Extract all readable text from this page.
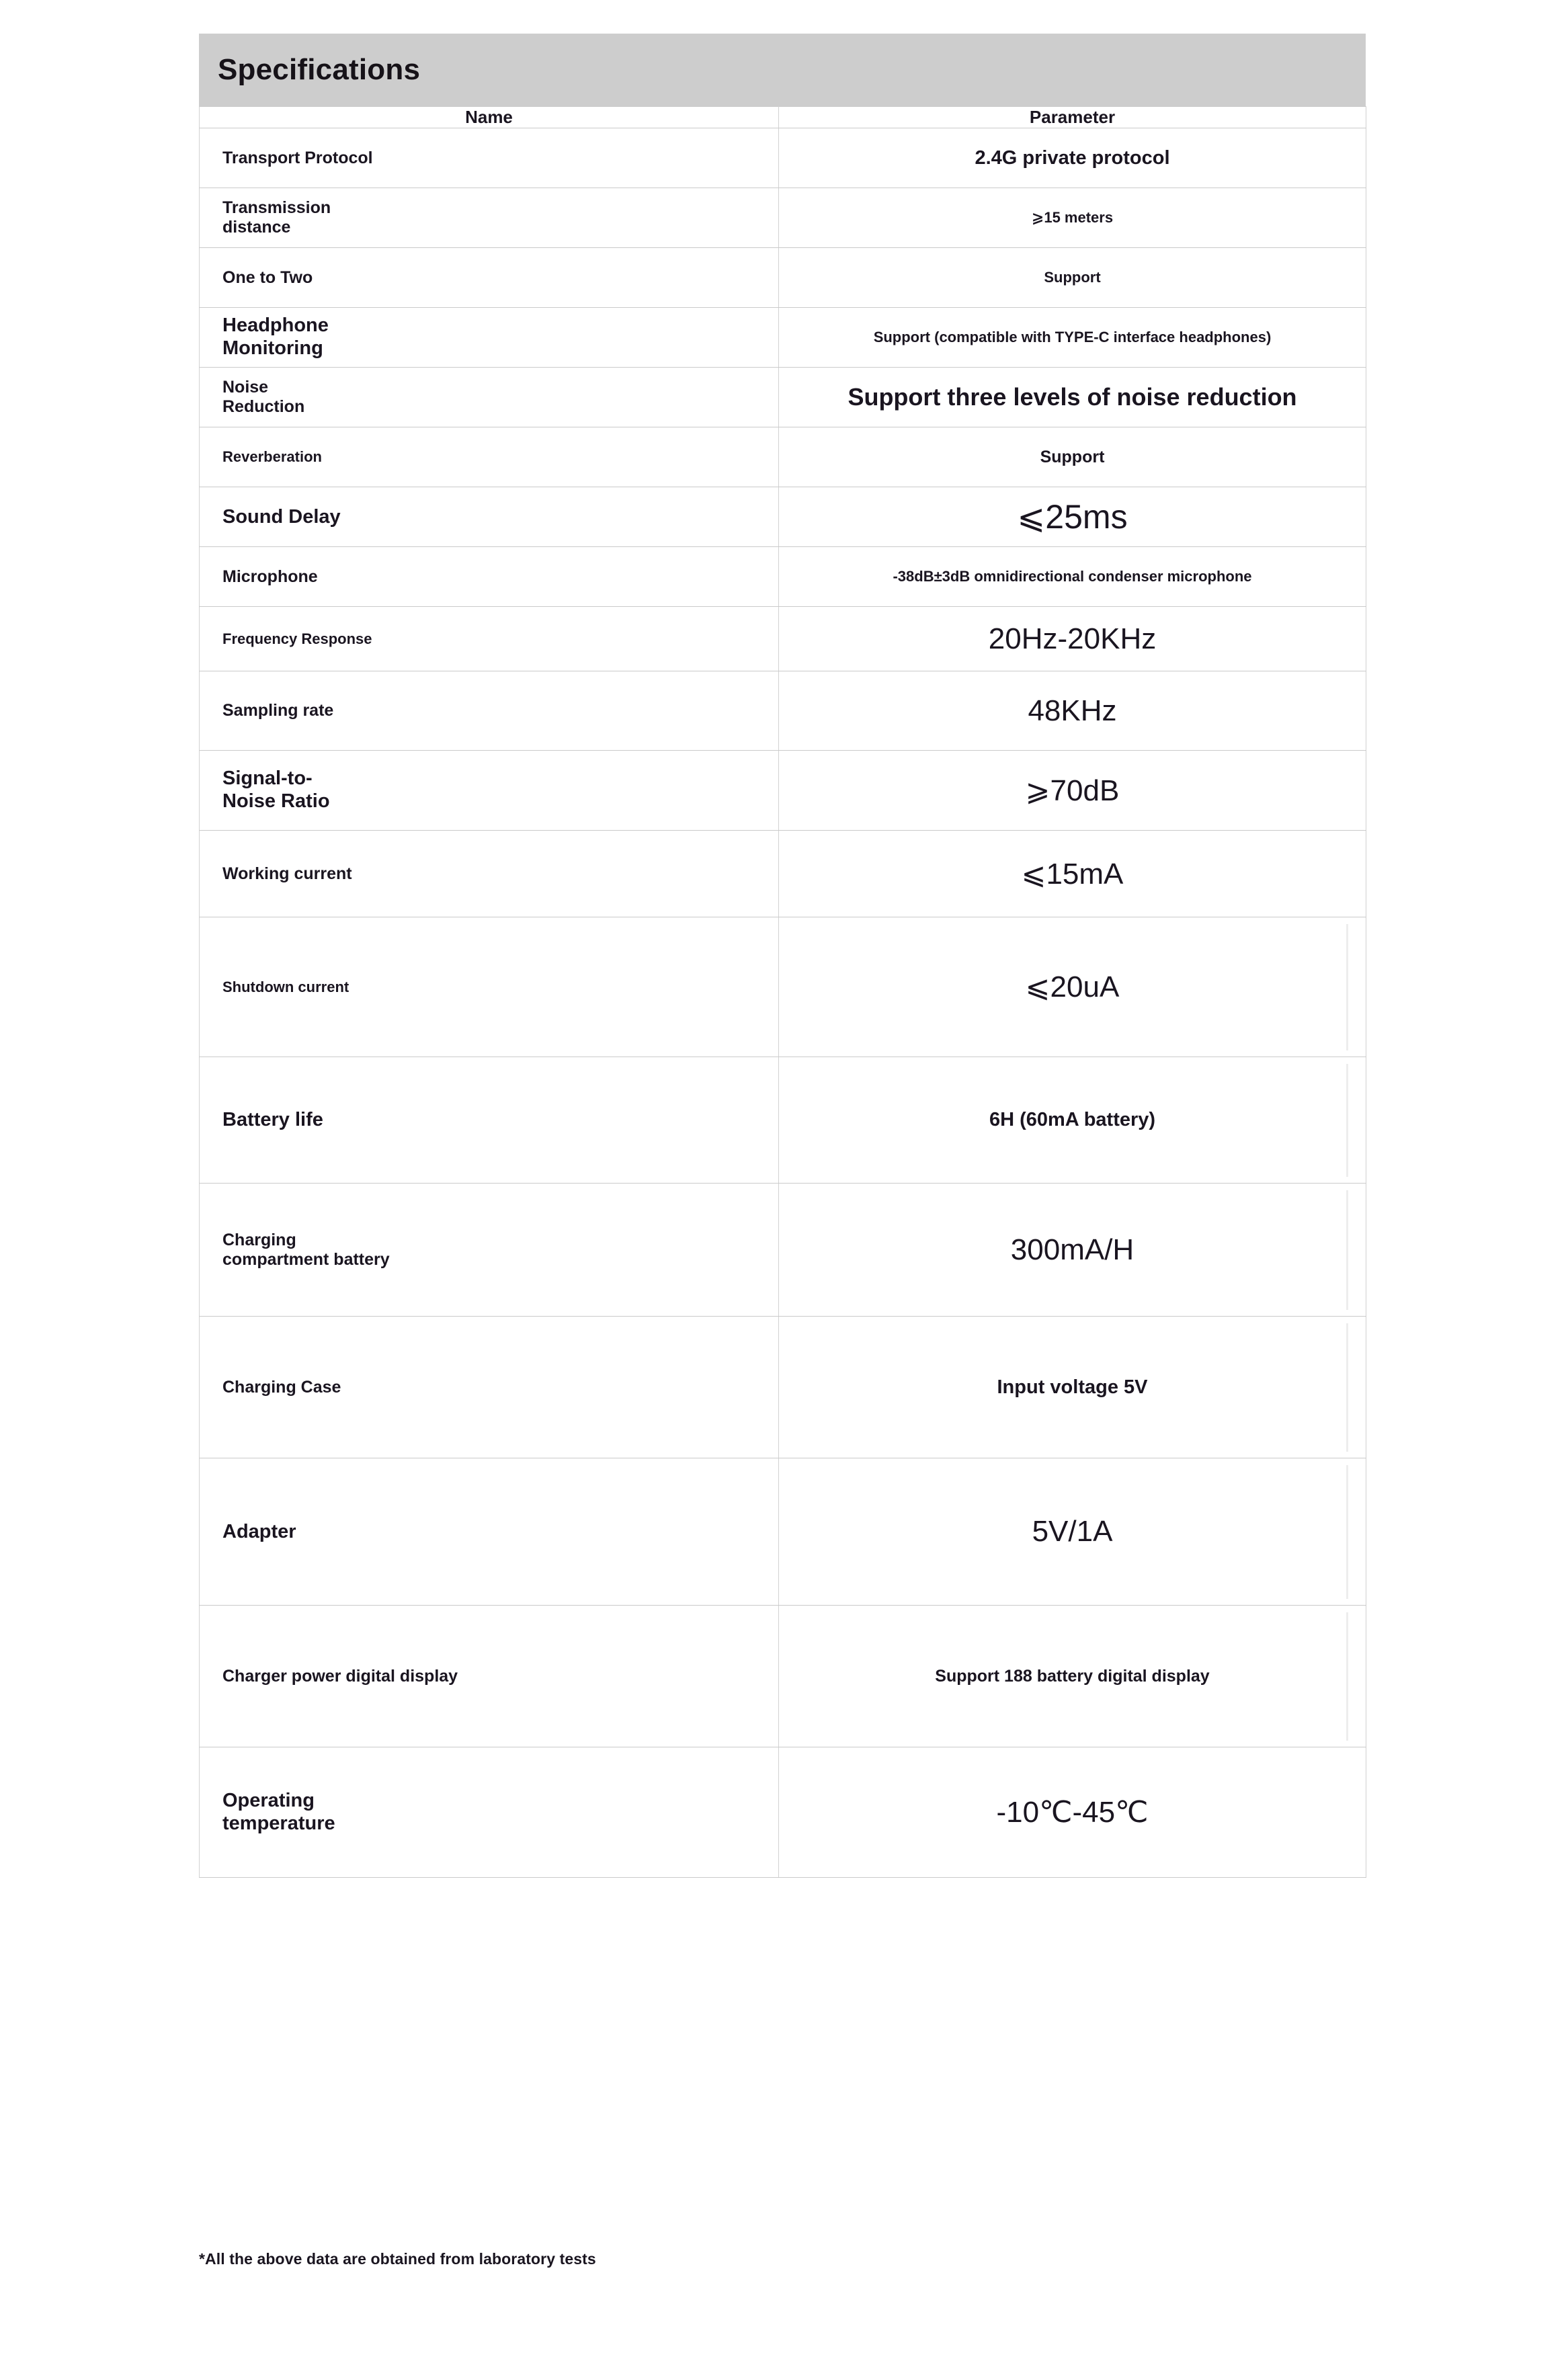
Specifications
Name	Parameter
Transport Protocol	2.4G private protocol

Transmission
distance	⩾15 meters
One to Two	Support

Headphone
Monitoring	Support (compatible with TYPE-C interface headphones)

Noise
Reduction	Support three levels of noise reduction
Reverberation	Support
Sound Delay	⩽25ms
Microphone	-38dB±3dB omnidirectional condenser microphone
Frequency Response	20Hz-20KHz
Sampling rate	48KHz

Signal-to-
Noise Ratio	⩾70dB
Working current	⩽15mA
Shutdown current	⩽20uA
Battery life	6H (60mA battery)

Charging
compartment battery	300mA/H
Charging Case	Input voltage 5V
Adapter	5V/1A
Charger power digital display	Support 188 battery digital display

Operating
temperature	-10℃-45℃
*All the above data are obtained from laboratory tests
